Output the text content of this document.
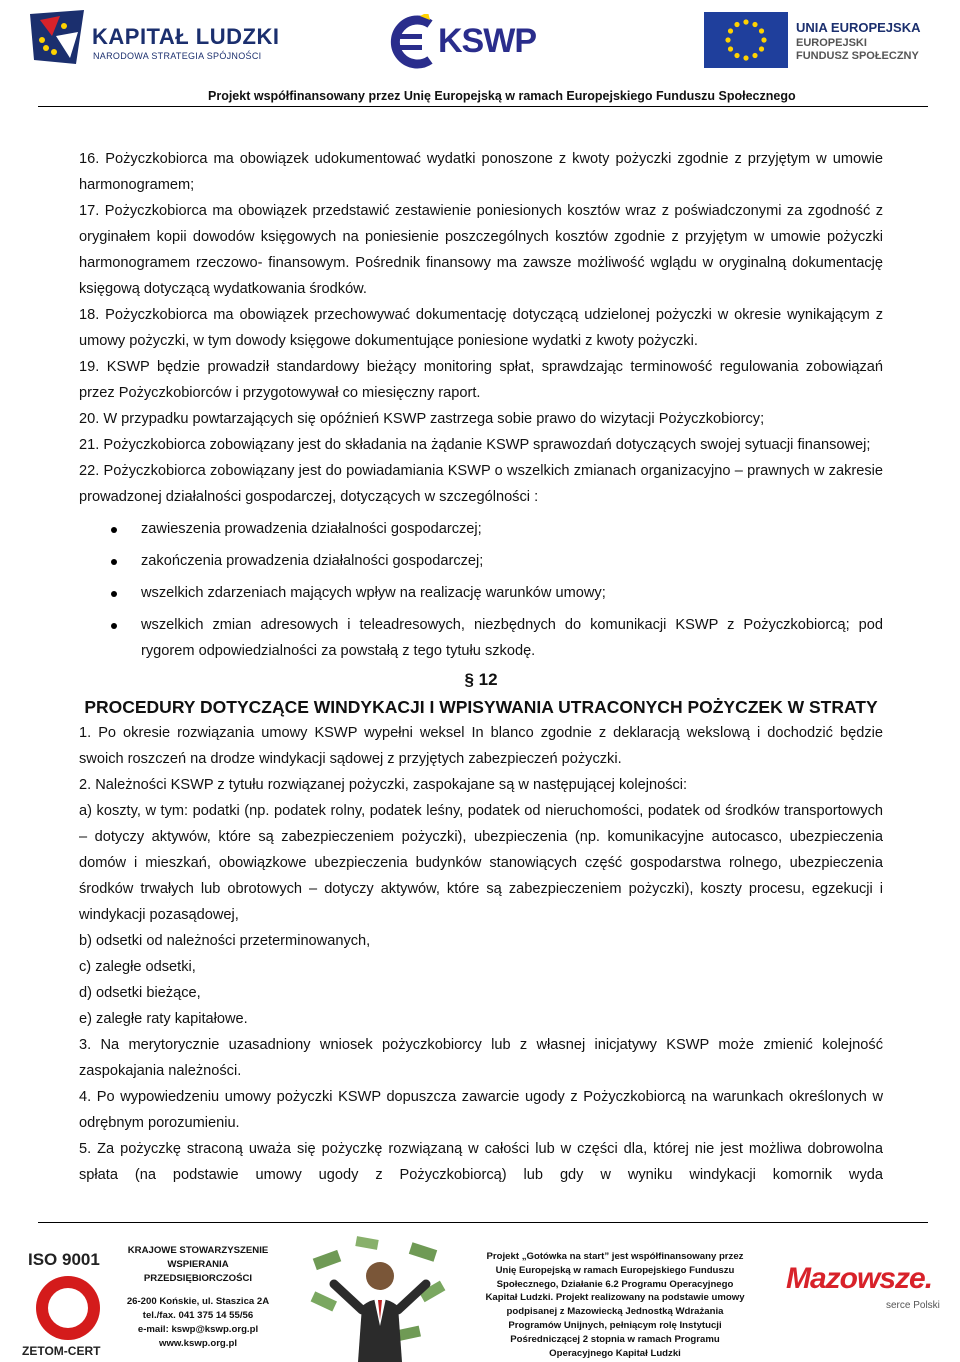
KAPITAŁ LUDZKI
NARODOWA STRATEGIA SPÓJNOŚCI	KSWP	UNIA EUROPEJSKA
EUROPEJSKI
FUNDUSZ SPOŁECZNY
Projekt współfinansowany przez Unię Europejską w ramach Europejskiego Funduszu Społecznego

16. Pożyczkobiorca ma obowiązek udokumentować wydatki ponoszone z kwoty pożyczki zgodnie z przyjętym w umowie harmonogramem;

17. Pożyczkobiorca ma obowiązek przedstawić zestawienie poniesionych kosztów wraz z poświadczonymi za zgodność z oryginałem kopii dowodów księgowych na poniesienie poszczególnych kosztów zgodnie z przyjętym w umowie pożyczki harmonogramem rzeczowo- finansowym. Pośrednik finansowy ma zawsze możliwość wglądu w oryginalną dokumentację księgową dotyczącą wydatkowania środków.

18. Pożyczkobiorca ma obowiązek przechowywać dokumentację dotyczącą udzielonej pożyczki w okresie wynikającym z umowy pożyczki, w tym dowody księgowe dokumentujące poniesione wydatki z kwoty pożyczki.

19. KSWP będzie prowadził standardowy bieżący monitoring spłat, sprawdzając terminowość regulowania zobowiązań przez Pożyczkobiorców i przygotowywał co miesięczny raport.

20. W przypadku powtarzających się opóźnień KSWP zastrzega sobie prawo do wizytacji Pożyczkobiorcy;

21. Pożyczkobiorca zobowiązany jest do składania na żądanie KSWP sprawozdań dotyczących swojej sytuacji finansowej;

22. Pożyczkobiorca zobowiązany jest do powiadamiania KSWP o wszelkich zmianach organizacyjno – prawnych w zakresie prowadzonej działalności gospodarczej, dotyczących w szczególności :

zawieszenia prowadzenia działalności gospodarczej;
zakończenia prowadzenia działalności gospodarczej;
wszelkich zdarzeniach mających wpływ na realizację warunków umowy;
wszelkich zmian adresowych i teleadresowych, niezbędnych do komunikacji KSWP z Pożyczkobiorcą; pod rygorem odpowiedzialności za powstałą z tego tytułu szkodę.
§ 12
PROCEDURY DOTYCZĄCE WINDYKACJI I WPISYWANIA UTRACONYCH POŻYCZEK W STRATY

1. Po okresie rozwiązania umowy KSWP wypełni weksel In blanco zgodnie z deklaracją wekslową i dochodzić będzie swoich roszczeń na drodze windykacji sądowej z przyjętych zabezpieczeń pożyczki.

2. Należności KSWP z tytułu rozwiązanej pożyczki, zaspokajane są w następującej kolejności:

a) koszty, w tym: podatki (np. podatek rolny, podatek leśny, podatek od nieruchomości, podatek od środków transportowych – dotyczy aktywów, które są zabezpieczeniem pożyczki), ubezpieczenia (np. komunikacyjne autocasco, ubezpieczenia domów i mieszkań, obowiązkowe ubezpieczenia budynków stanowiących część gospodarstwa rolnego, ubezpieczenia środków trwałych lub obrotowych – dotyczy aktywów, które są zabezpieczeniem pożyczki), koszty procesu, egzekucji i windykacji pozasądowej,

b) odsetki od należności przeterminowanych,

c) zaległe odsetki,

d) odsetki bieżące,

e) zaległe raty kapitałowe.

3. Na merytorycznie uzasadniony wniosek pożyczkobiorcy lub z własnej inicjatywy KSWP może zmienić kolejność zaspokajania należności.

4. Po wypowiedzeniu umowy pożyczki KSWP dopuszcza zawarcie ugody z Pożyczkobiorcą na warunkach określonych w odrębnym porozumieniu.

5. Za pożyczkę straconą uważa się pożyczkę rozwiązaną w całości lub w części dla, której nie jest możliwa dobrowolna spłata (na podstawie umowy ugody z Pożyczkobiorcą) lub gdy w wyniku windykacji komornik wyda

ISO 9001
ZETOM-CERT
KRAJOWE STOWARZYSZENIE
WSPIERANIA
PRZEDSIĘBIORCZOŚCI
26-200 Końskie, ul. Staszica 2A
tel./fax. 041 375 14 55/56
e-mail: kswp@kswp.org.pl
www.kswp.org.pl
Projekt „Gotówka na start” jest współfinansowany przez
Unię Europejską w ramach Europejskiego Funduszu
Społecznego, Działanie 6.2 Programu Operacyjnego
Kapitał Ludzki. Projekt realizowany na podstawie umowy
podpisanej z Mazowiecką Jednostką Wdrażania
Programów Unijnych, pełniącym rolę Instytucji
Pośredniczącej 2 stopnia w ramach Programu
Operacyjnego Kapitał Ludzki
Mazowsze.
serce Polski
